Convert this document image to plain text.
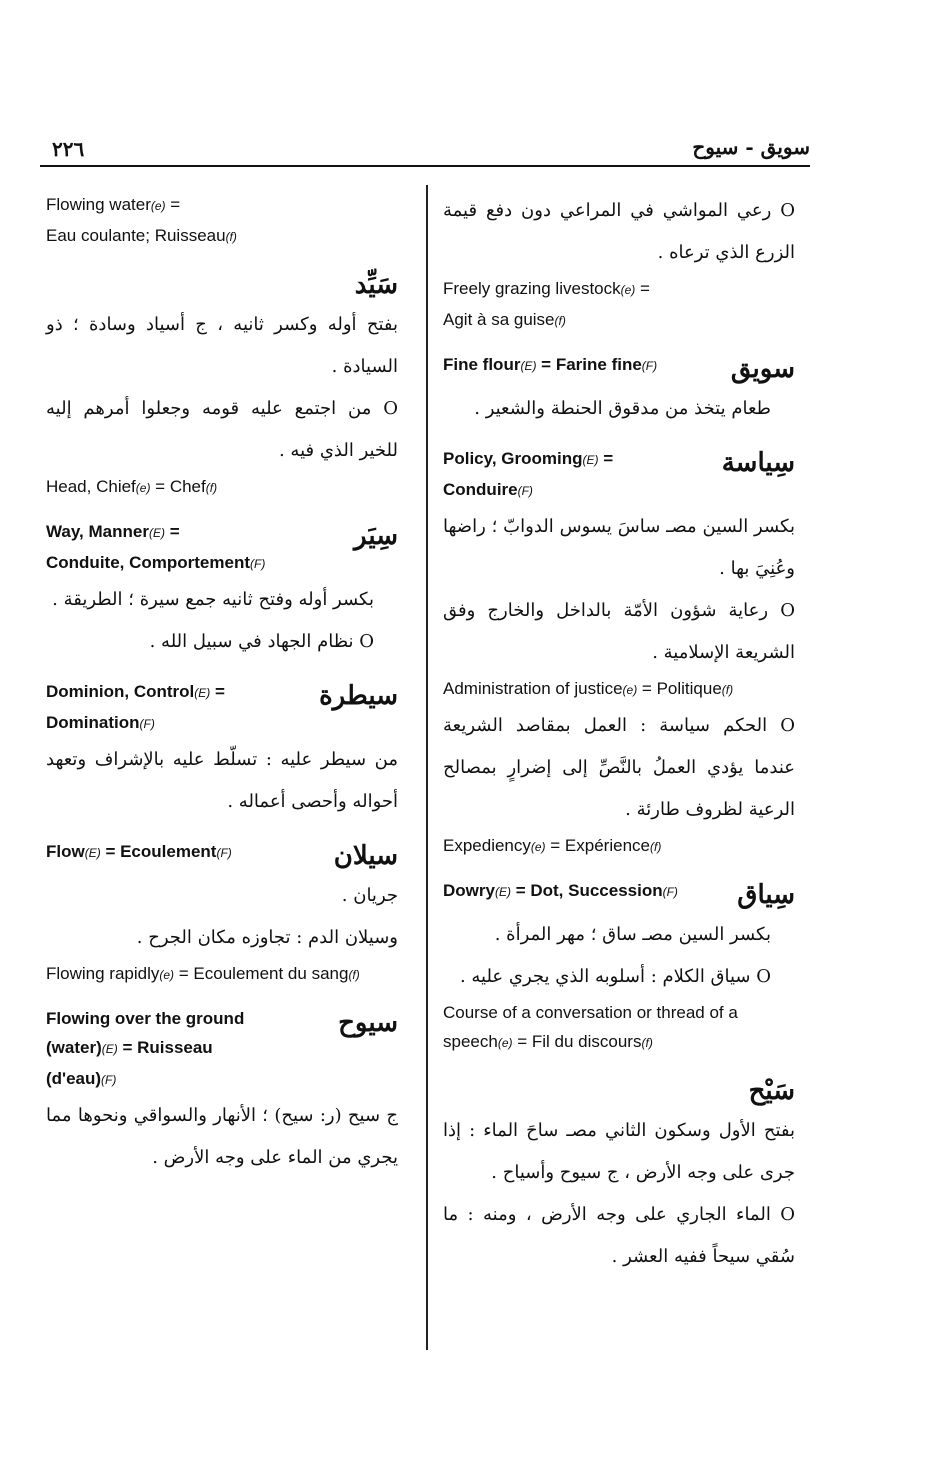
٢٢٦	سويق - سيوح
Flowing water(e) =
Eau coulante; Ruisseau(f)
سَيِّد
بفتح أوله وكسر ثانيه ، ج أسياد وسادة ؛ ذو السيادة .
O من اجتمع عليه قومه وجعلوا أمرهم إليه للخير الذي فيه .
Head, Chief(e) = Chef(f)
Way, Manner(E) =
Conduite, Comportement(F)
سِيَر
بكسر أوله وفتح ثانيه جمع سيرة ؛ الطريقة .
O نظام الجهاد في سبيل الله .
Dominion, Control(E) =
Domination(F)
سيطرة
من سيطر عليه : تسلّط عليه بالإشراف وتعهد أحواله وأحصى أعماله .
Flow(E) = Ecoulement(F)	سيلان
جريان .
وسيلان الدم : تجاوزه مكان الجرح .
Flowing rapidly(e) = Ecoulement du sang(f)
Flowing over the ground
(water)(E) = Ruisseau
(d'eau)(F)
سيوح
ج سيح (ر: سيح) ؛ الأنهار والسواقي ونحوها مما يجري من الماء على وجه الأرض .
O رعي المواشي في المراعي دون دفع قيمة الزرع الذي ترعاه .
Freely grazing livestock(e) =
Agit à sa guise(f)
Fine flour(E) = Farine fine(F)	سويق
طعام يتخذ من مدقوق الحنطة والشعير .
Policy, Grooming(E) =
Conduire(F)
سِياسة
بكسر السين مصـ ساسَ يسوس الدوابّ ؛ راضها وعُنِيَ بها .
O رعاية شؤون الأمّة بالداخل والخارج وفق الشريعة الإسلامية .
Administration of justice(e) = Politique(f)
O الحكم سياسة : العمل بمقاصد الشريعة عندما يؤدي العملُ بالنَّصِّ إلى إضرارٍ بمصالح الرعية لظروف طارئة .
Expediency(e) = Expérience(f)
Dowry(E) = Dot, Succession(F) سِياق
بكسر السين مصـ ساق ؛ مهر المرأة .
O سياق الكلام : أسلوبه الذي يجري عليه .
Course of a conversation or thread of a speech(e) = Fil du discours(f)
سَيْح
بفتح الأول وسكون الثاني مصـ ساحَ الماء : إذا جرى على وجه الأرض ، ج سيوح وأسياح .
O الماء الجاري على وجه الأرض ، ومنه : ما سُقي سيحاً ففيه العشر .
